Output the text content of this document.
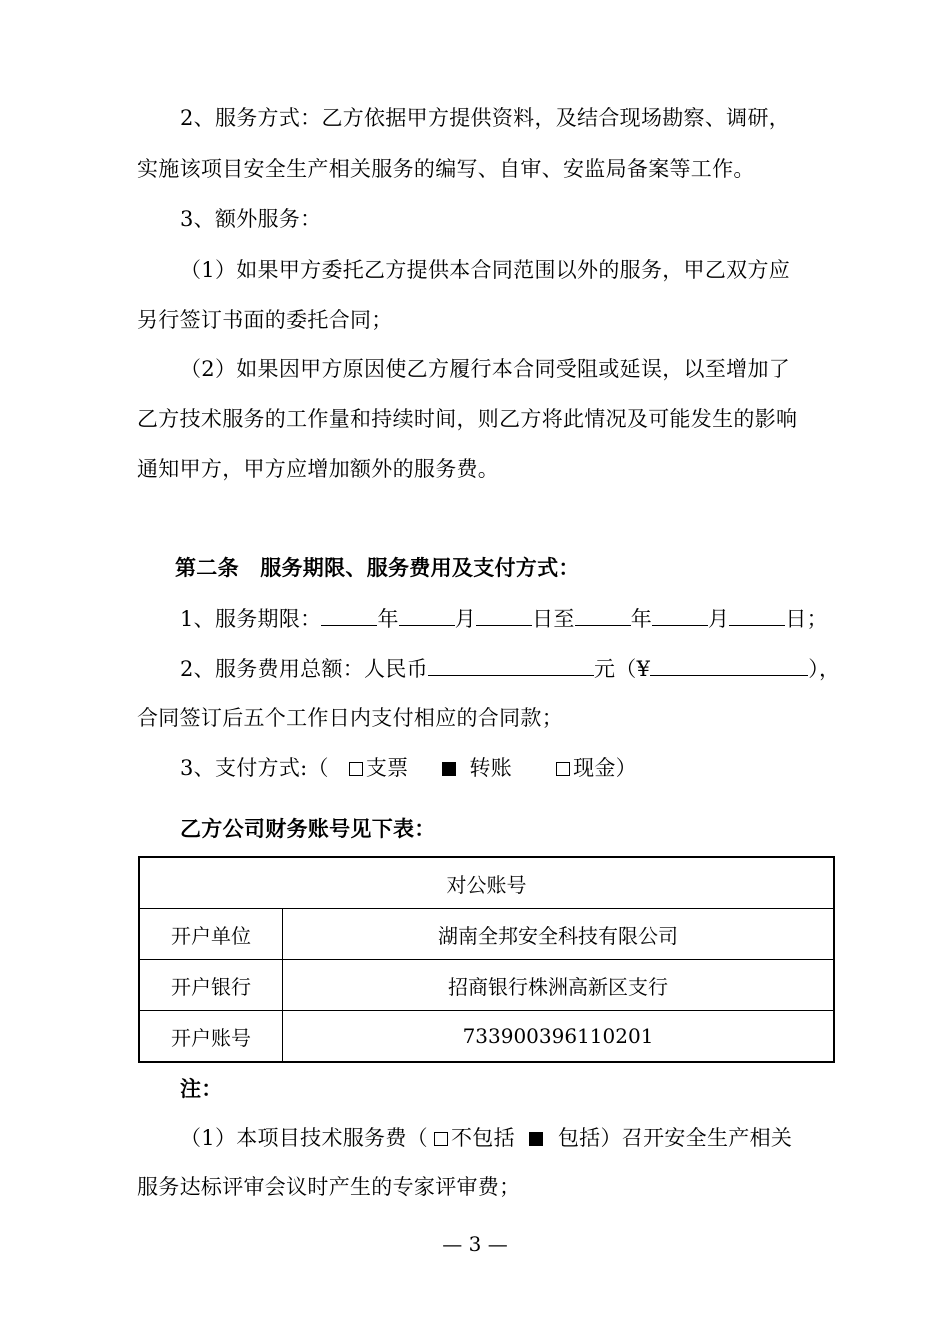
2、服务方式：乙方依据甲方提供资料，及结合现场勘察、调研，
实施该项目安全生产相关服务的编写、自审、安监局备案等工作。
3、额外服务：
（1）如果甲方委托乙方提供本合同范围以外的服务，甲乙双方应
另行签订书面的委托合同；
（2）如果因甲方原因使乙方履行本合同受阻或延误，以至增加了
乙方技术服务的工作量和持续时间，则乙方将此情况及可能发生的影响
通知甲方，甲方应增加额外的服务费。
第二条　服务期限、服务费用及支付方式：
1、服务期限：	年	月	日至	年	月	日；
2、服务费用总额：人民币	元（¥	），
合同签订后五个工作日内支付相应的合同款；
3、支付方式:（ 支票	转账	现金）
乙方公司财务账号见下表：
对公账号	
开户单位	湖南全邦安全科技有限公司
开户银行	招商银行株洲高新区支行
开户账号	733900396110201
注：
（1）本项目技术服务费（ 不包括 包括）召开安全生产相关
服务达标评审会议时产生的专家评审费；
— 3 —
